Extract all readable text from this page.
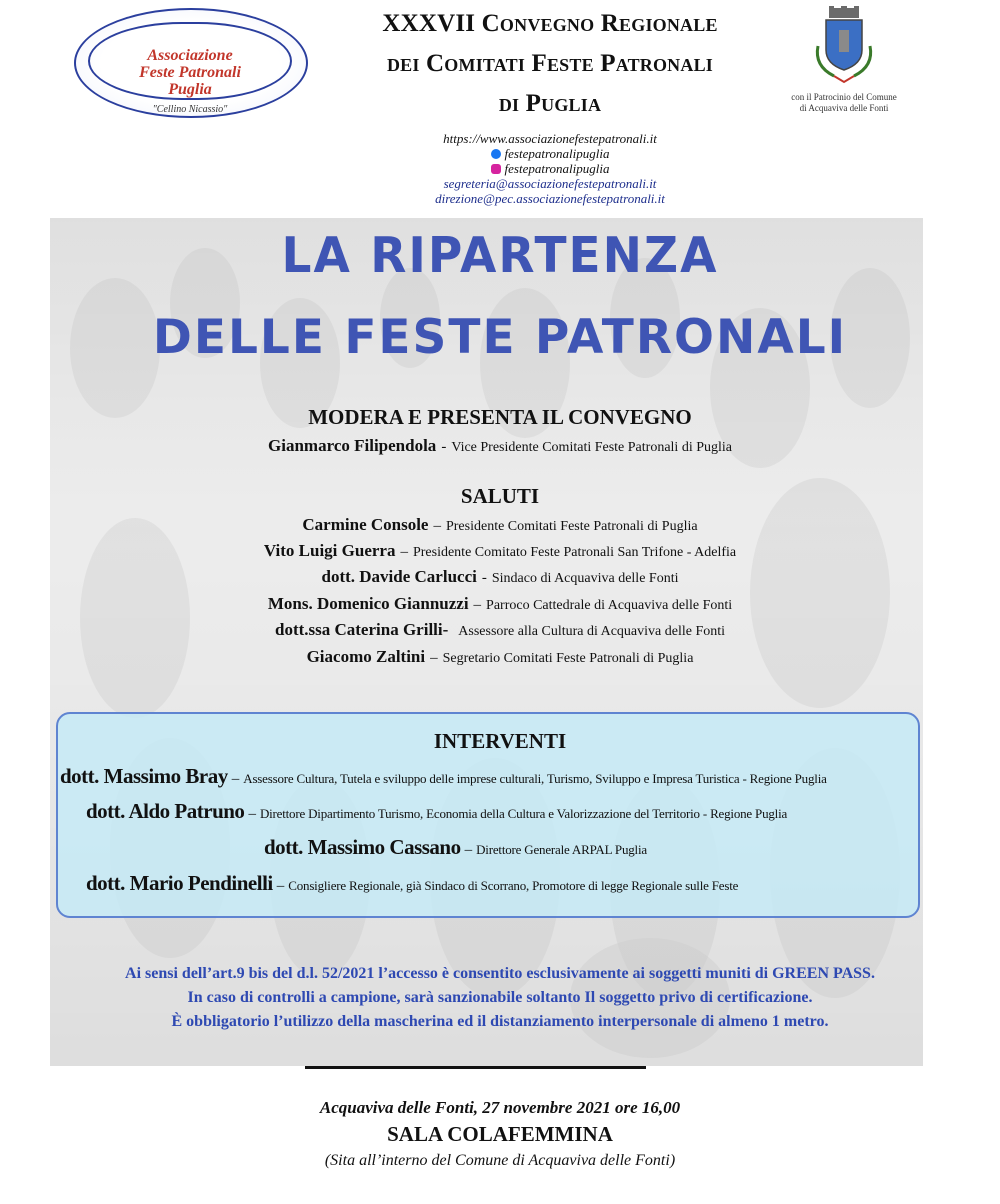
Associazione
Feste Patronali
Puglia
"Cellino Nicassio"
XXXVII Convegno Regionale
dei Comitati Feste Patronali
di Puglia	con il Patrocinio del Comune
di Acquaviva delle Fonti
https://www.associazionefestepatronali.it
festepatronalipuglia
festepatronalipuglia
segreteria@associazionefestepatronali.it
direzione@pec.associazionefestepatronali.it
LA RIPARTENZA
DELLE FESTE PATRONALI
MODERA E PRESENTA IL CONVEGNO
Gianmarco Filipendola - Vice Presidente Comitati Feste Patronali di Puglia
SALUTI
Carmine Console – Presidente Comitati Feste Patronali di Puglia
Vito Luigi Guerra – Presidente Comitato Feste Patronali San Trifone - Adelfia
dott. Davide Carlucci - Sindaco di Acquaviva delle Fonti
Mons. Domenico Giannuzzi – Parroco Cattedrale di Acquaviva delle Fonti
dott.ssa Caterina Grilli- Assessore alla Cultura di Acquaviva delle Fonti
Giacomo Zaltini – Segretario Comitati Feste Patronali di Puglia
INTERVENTI
dott. Massimo Bray – Assessore Cultura, Tutela e sviluppo delle imprese culturali, Turismo, Sviluppo e Impresa Turistica - Regione Puglia
dott. Aldo Patruno – Direttore Dipartimento Turismo, Economia della Cultura e Valorizzazione del Territorio - Regione Puglia
dott. Massimo Cassano – Direttore Generale ARPAL Puglia
dott. Mario Pendinelli – Consigliere Regionale, già Sindaco di Scorrano, Promotore di legge Regionale sulle Feste
Ai sensi dell’art.9 bis del d.l. 52/2021 l’accesso è consentito esclusivamente ai soggetti muniti di GREEN PASS.
In caso di controlli a campione, sarà sanzionabile soltanto Il soggetto privo di certificazione.
È obbligatorio l’utilizzo della mascherina ed il distanziamento interpersonale di almeno 1 metro.
Acquaviva delle Fonti, 27 novembre 2021 ore 16,00
SALA COLAFEMMINA
(Sita all’interno del Comune di Acquaviva delle Fonti)
